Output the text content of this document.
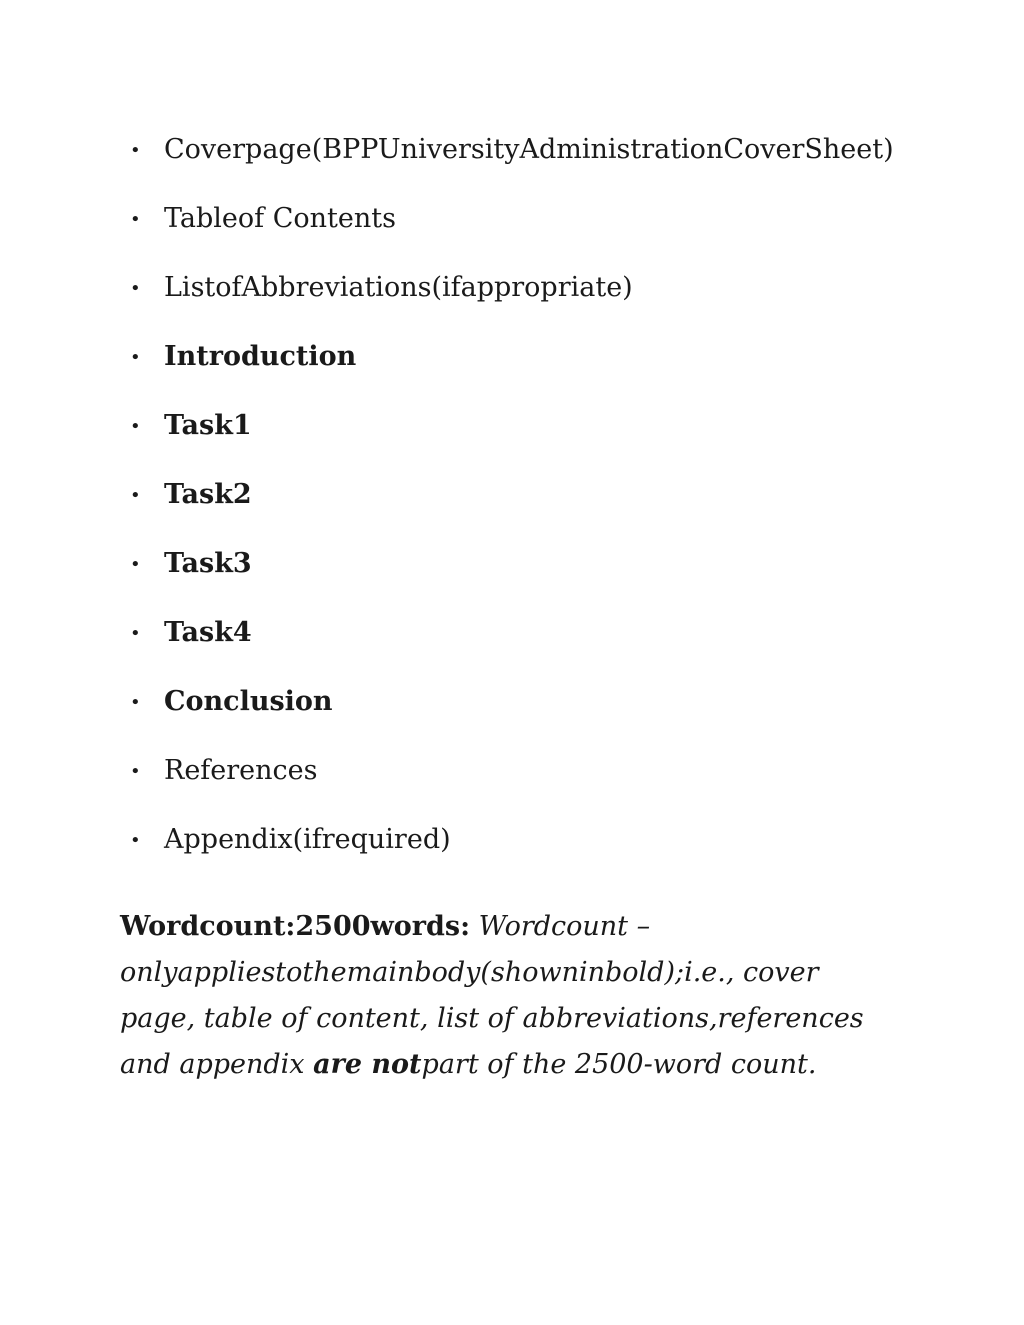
• Coverpage(BPPUniversityAdministrationCoverSheet)
• Tableof Contents
• ListofAbbreviations(ifappropriate)
• Introduction
• Task1
• Task2
• Task3
• Task4
• Conclusion
• References
• Appendix(ifrequired)

Wordcount:2500words: Wordcount – onlyappliestothemainbody(showninbold);i.e., cover page, table of content, list of abbreviations,references and appendix are notpart of the 2500-word count.
